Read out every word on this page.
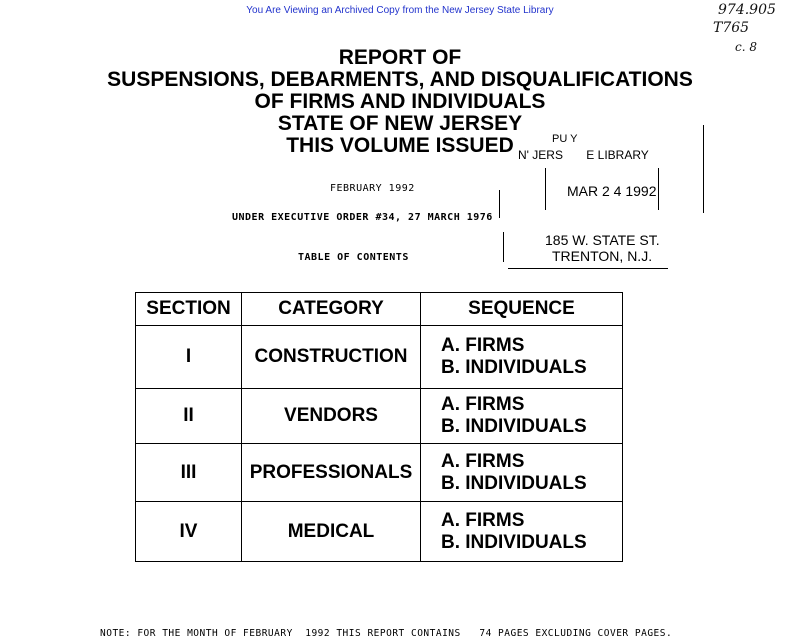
You Are Viewing an Archived Copy from the New Jersey State Library	974.905
T765
c. 8
REPORT OF
SUSPENSIONS, DEBARMENTS, AND DISQUALIFICATIONS
OF FIRMS AND INDIVIDUALS
STATE OF NEW JERSEY
THIS VOLUME ISSUED
FEBRUARY 1992
UNDER EXECUTIVE ORDER #34, 27 MARCH 1976
TABLE OF CONTENTS
PU Y
N' JERS       E LIBRARY
MAR 2 4 1992
185 W. STATE ST.
TRENTON, N.J.
SECTION	CATEGORY	SEQUENCE
I	CONSTRUCTION	A. FIRMS
B. INDIVIDUALS

II	VENDORS	A. FIRMS
B. INDIVIDUALS

III	PROFESSIONALS	A. FIRMS
B. INDIVIDUALS

IV	MEDICAL	A. FIRMS
B. INDIVIDUALS
NOTE: FOR THE MONTH OF FEBRUARY  1992 THIS REPORT CONTAINS   74 PAGES EXCLUDING COVER PAGES.
